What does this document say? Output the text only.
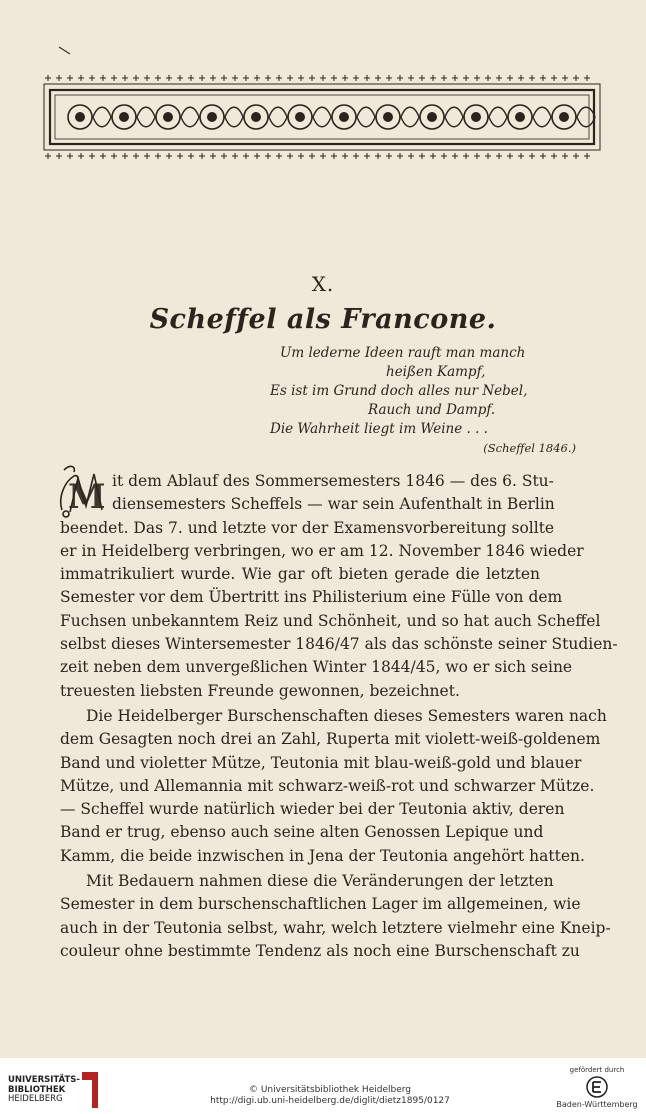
X.
Scheffel als Francone.
Um lederne Ideen rauft man manch
heißen Kampf,
Es ist im Grund doch alles nur Nebel,
Rauch und Dampf.
Die Wahrheit liegt im Weine . . .
(Scheffel 1846.)
M it dem Ablauf des Sommersemesters 1846 — des 6. Stu-
diensemesters Scheffels — war sein Aufenthalt in Berlin
beendet. Das 7. und letzte vor der Examensvorbereitung sollte
er in Heidelberg verbringen, wo er am 12. November 1846 wieder
immatrikuliert wurde. Wie gar oft bieten gerade die letzten
Semester vor dem Übertritt ins Philisterium eine Fülle von dem
Fuchsen unbekanntem Reiz und Schönheit, und so hat auch Scheffel
selbst dieses Wintersemester 1846/47 als das schönste seiner Studien-
zeit neben dem unvergeßlichen Winter 1844/45, wo er sich seine
treuesten liebsten Freunde gewonnen, bezeichnet.
Die Heidelberger Burschenschaften dieses Semesters waren nach
dem Gesagten noch drei an Zahl, Ruperta mit violett-weiß-goldenem
Band und violetter Mütze, Teutonia mit blau-weiß-gold und blauer
Mütze, und Allemannia mit schwarz-weiß-rot und schwarzer Mütze.
— Scheffel wurde natürlich wieder bei der Teutonia aktiv, deren
Band er trug, ebenso auch seine alten Genossen Lepique und
Kamm, die beide inzwischen in Jena der Teutonia angehört hatten.
Mit Bedauern nahmen diese die Veränderungen der letzten
Semester in dem burschenschaftlichen Lager im allgemeinen, wie
auch in der Teutonia selbst, wahr, welch letztere vielmehr eine Kneip-
couleur ohne bestimmte Tendenz als noch eine Burschenschaft zu
UNIVERSITÄTS-
BIBLIOTHEK
HEIDELBERG
© Universitätsbibliothek Heidelberg
http://digi.ub.uni-heidelberg.de/diglit/dietz1895/0127
gefördert durch
Baden-Württemberg
